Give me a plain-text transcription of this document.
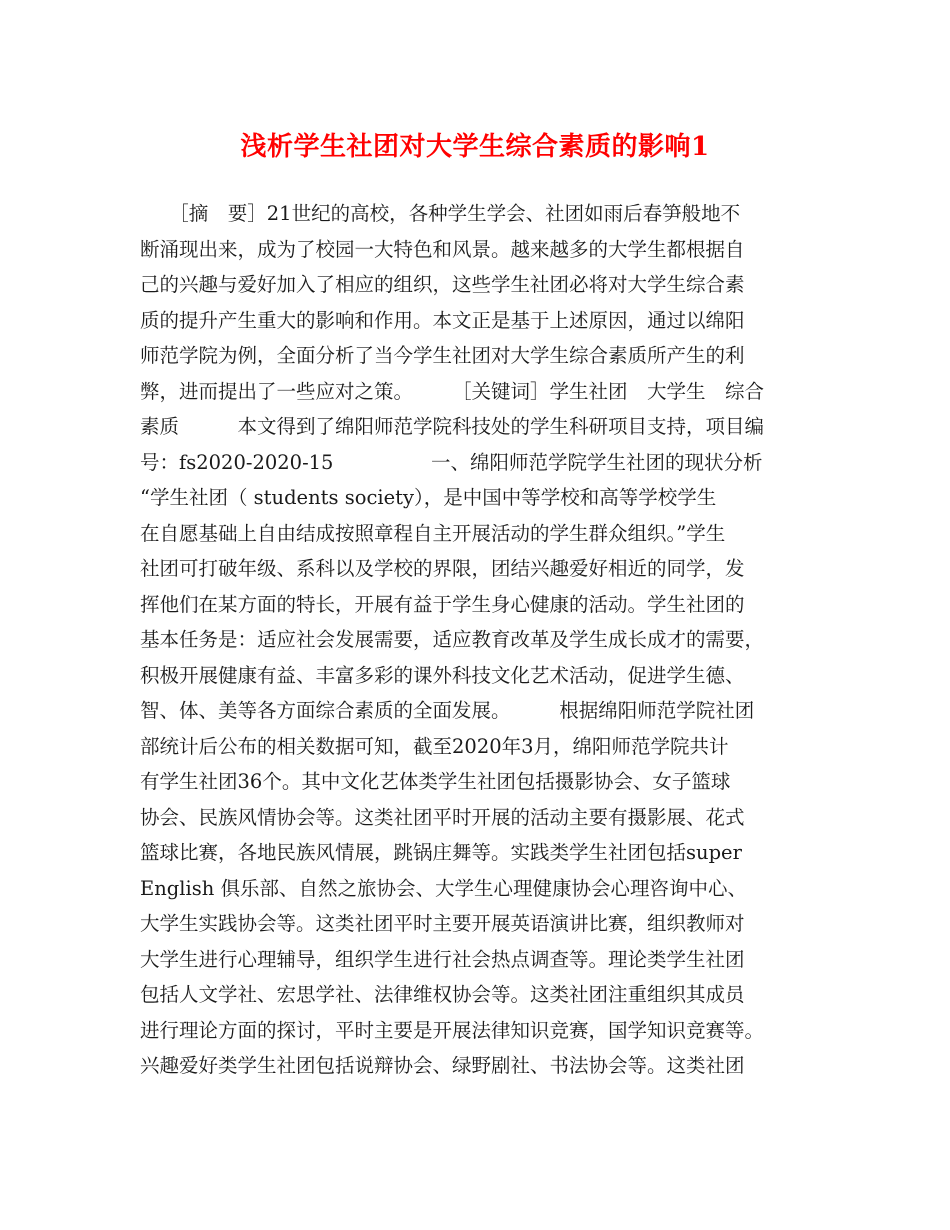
浅析学生社团对大学生综合素质的影响1
　　［摘　要］21世纪的高校，各种学生学会、社团如雨后春笋般地不
断涌现出来，成为了校园一大特色和风景。越来越多的大学生都根据自
己的兴趣与爱好加入了相应的组织，这些学生社团必将对大学生综合素
质的提升产生重大的影响和作用。本文正是基于上述原因，通过以绵阳
师范学院为例，全面分析了当今学生社团对大学生综合素质所产生的利
弊，进而提出了一些应对之策。　　　［关键词］学生社团　大学生　综合
素质　　　本文得到了绵阳师范学院科技处的学生科研项目支持，项目编
号：fs2020-2020-15　　　　　一、绵阳师范学院学生社团的现状分析
“学生社团（ students society），是中国中等学校和高等学校学生
在自愿基础上自由结成按照章程自主开展活动的学生群众组织。”学生
社团可打破年级、系科以及学校的界限，团结兴趣爱好相近的同学，发
挥他们在某方面的特长，开展有益于学生身心健康的活动。学生社团的
基本任务是：适应社会发展需要，适应教育改革及学生成长成才的需要，
积极开展健康有益、丰富多彩的课外科技文化艺术活动，促进学生德、
智、体、美等各方面综合素质的全面发展。　　　根据绵阳师范学院社团
部统计后公布的相关数据可知，截至2020年3月，绵阳师范学院共计
有学生社团36个。其中文化艺体类学生社团包括摄影协会、女子篮球
协会、民族风情协会等。这类社团平时开展的活动主要有摄影展、花式
篮球比赛，各地民族风情展，跳锅庄舞等。实践类学生社团包括super
English 俱乐部、自然之旅协会、大学生心理健康协会心理咨询中心、
大学生实践协会等。这类社团平时主要开展英语演讲比赛，组织教师对
大学生进行心理辅导，组织学生进行社会热点调查等。理论类学生社团
包括人文学社、宏思学社、法律维权协会等。这类社团注重组织其成员
进行理论方面的探讨，平时主要是开展法律知识竞赛，国学知识竞赛等。
兴趣爱好类学生社团包括说辩协会、绿野剧社、书法协会等。这类社团
